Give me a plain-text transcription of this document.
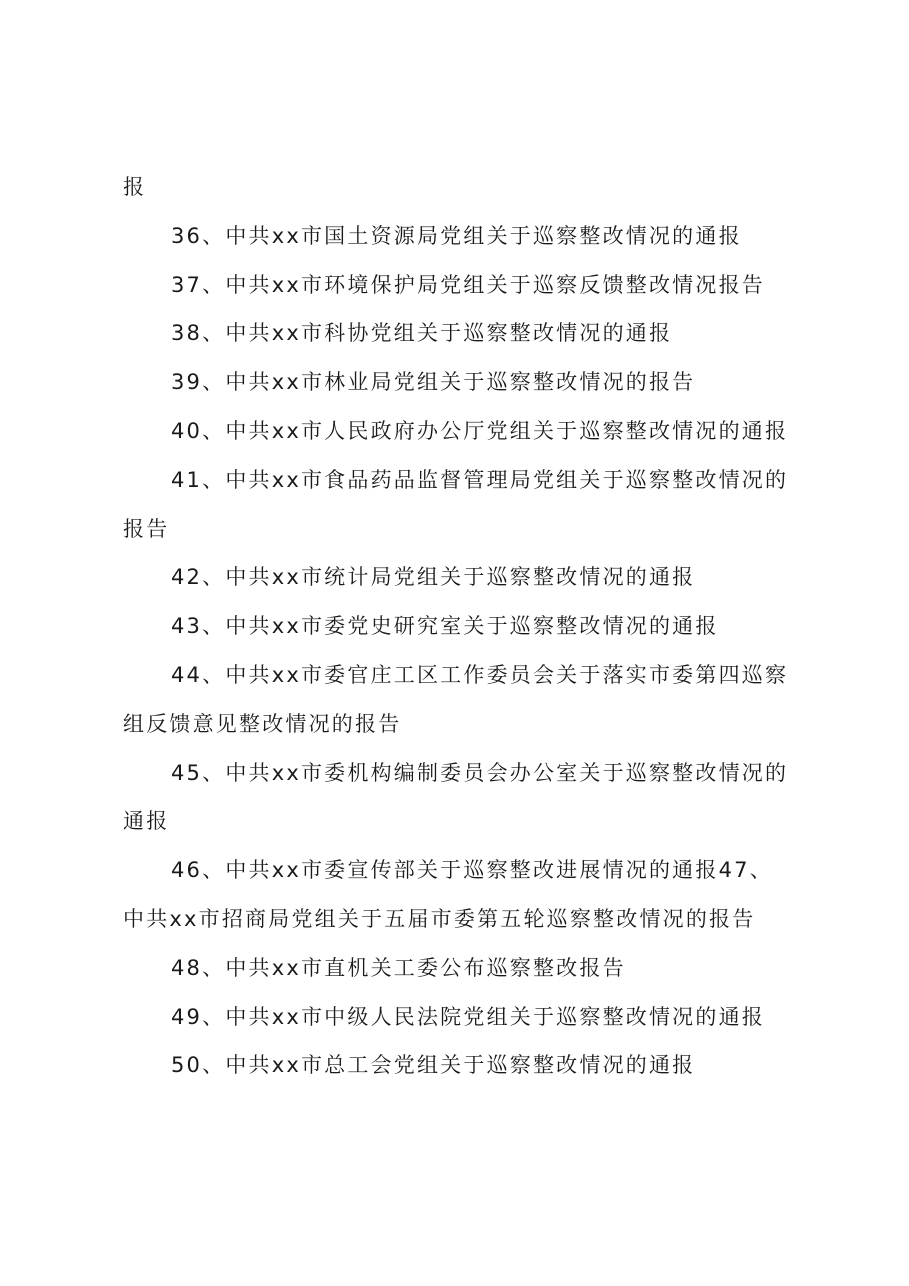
报

36、中共xx市国土资源局党组关于巡察整改情况的通报

37、中共xx市环境保护局党组关于巡察反馈整改情况报告

38、中共xx市科协党组关于巡察整改情况的通报

39、中共xx市林业局党组关于巡察整改情况的报告

40、中共xx市人民政府办公厅党组关于巡察整改情况的通报

41、中共xx市食品药品监督管理局党组关于巡察整改情况的报告

42、中共xx市统计局党组关于巡察整改情况的通报

43、中共xx市委党史研究室关于巡察整改情况的通报

44、中共xx市委官庄工区工作委员会关于落实市委第四巡察组反馈意见整改情况的报告

45、中共xx市委机构编制委员会办公室关于巡察整改情况的通报

46、中共xx市委宣传部关于巡察整改进展情况的通报47、中共xx市招商局党组关于五届市委第五轮巡察整改情况的报告

48、中共xx市直机关工委公布巡察整改报告

49、中共xx市中级人民法院党组关于巡察整改情况的通报

50、中共xx市总工会党组关于巡察整改情况的通报
